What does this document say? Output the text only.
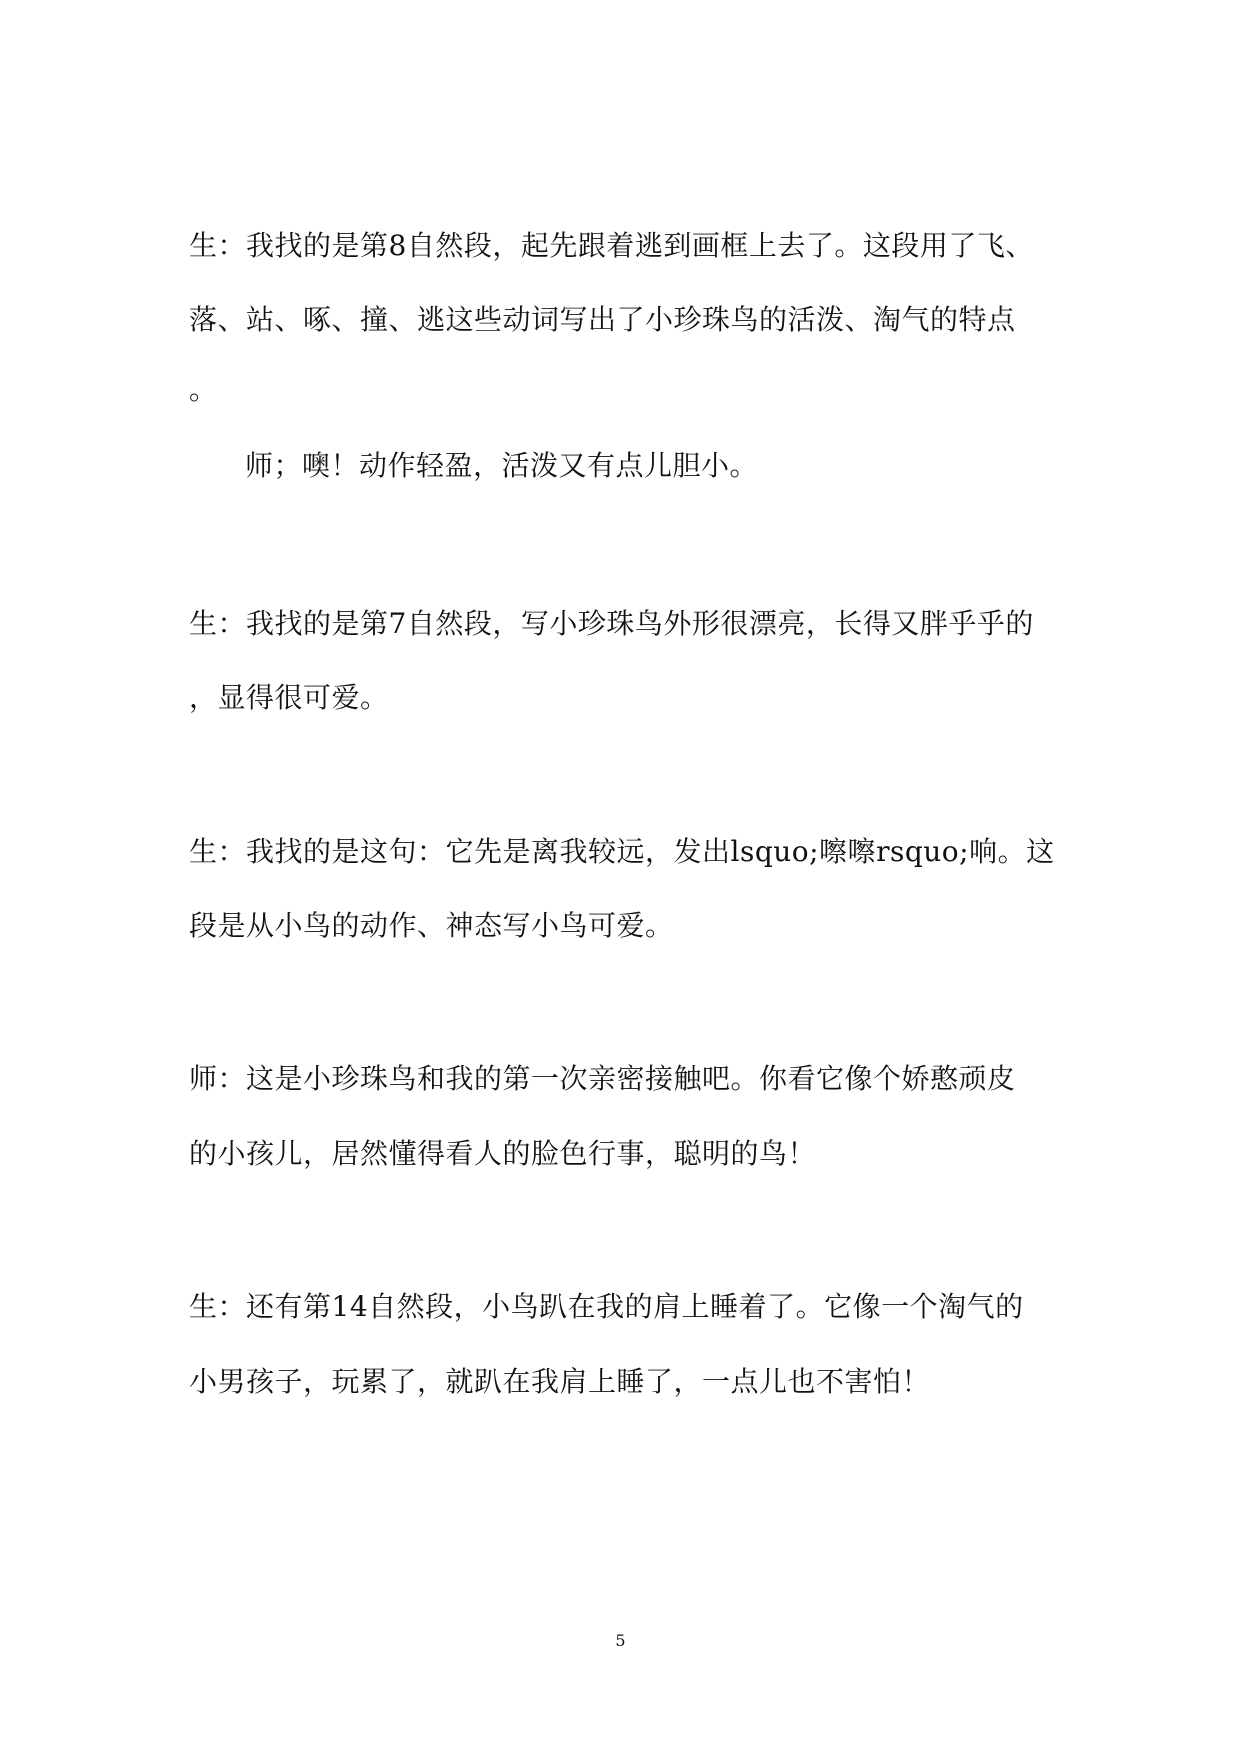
生：我找的是第8自然段，起先跟着逃到画框上去了。这段用了飞、
落、站、啄、撞、逃这些动词写出了小珍珠鸟的活泼、淘气的特点
。
师；噢！动作轻盈，活泼又有点儿胆小。
生：我找的是第7自然段，写小珍珠鸟外形很漂亮，长得又胖乎乎的
，显得很可爱。
生：我找的是这句：它先是离我较远，发出lsquo;嚓嚓rsquo;响。这
段是从小鸟的动作、神态写小鸟可爱。
师：这是小珍珠鸟和我的第一次亲密接触吧。你看它像个娇憨顽皮
的小孩儿，居然懂得看人的脸色行事，聪明的鸟！
生：还有第14自然段，小鸟趴在我的肩上睡着了。它像一个淘气的
小男孩子，玩累了，就趴在我肩上睡了，一点儿也不害怕！
5
